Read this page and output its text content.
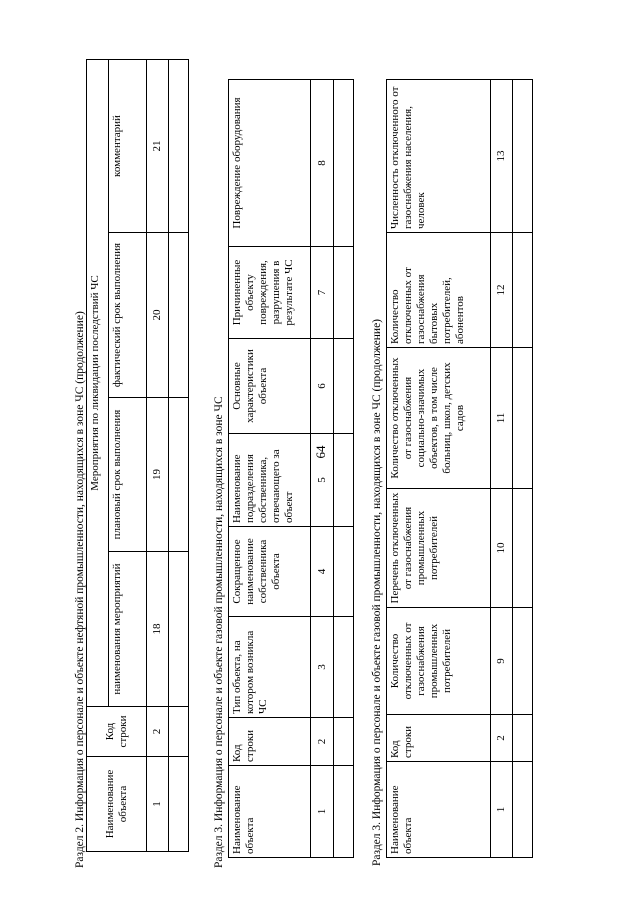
64
Раздел 2. Информация о персонале и объекте нефтяной промышленности, находящихся в зоне ЧС (продолжение) Наименование объекта	Код строки	Мероприятия по ликвидации последствий ЧС			
		наименования мероприятий	плановый срок выполнения	фактический срок выполнения	комментарий
1	2	18	19	20	21

Раздел 3. Информация о персонале и объекте газовой промышленности, находящихся в зоне ЧС Наименование объекта	Код строки	Тип объекта, на котором возникла ЧС	Сокращенное наименование собственника объекта	Наименование подразделения собственника, отвечающего за объект	Основные характеристики объекта	Причиненные объекту повреждения, разрушения в результате ЧС	Повреждение оборудования
1	2	3	4	5	6	7	8

Раздел 3. Информация о персонале и объекте газовой промышленности, находящихся в зоне ЧС (продолжение) Наименование объекта	Код строки	Количество отключенных от газоснабжения промышленных потребителей	Перечень отключенных от газоснабжения промышленных потребителей	Количество отключенных от газоснабжения социально-значимых объектов, в том числе больниц, школ, детских садов	Количество отключенных от газоснабжения бытовых потребителей, абонентов	Численность отключенного от газоснабжения населения, человек
1	2	9	10	11	12	13
